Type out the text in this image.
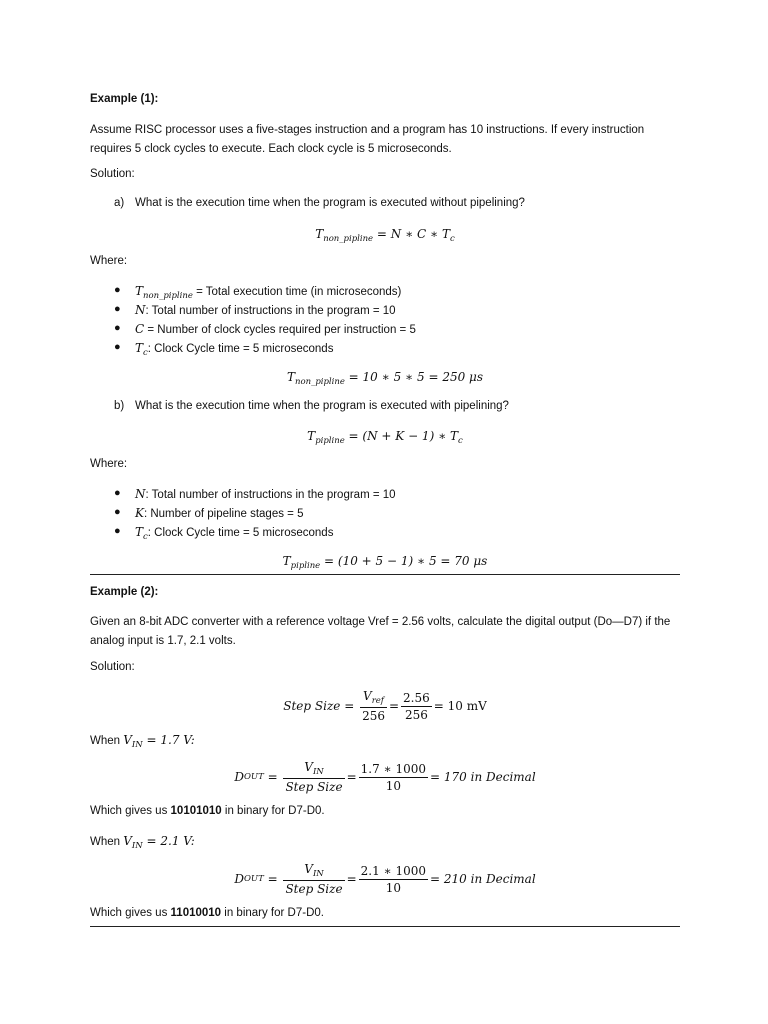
Example (1):
Assume RISC processor uses a five-stages instruction and a program has 10 instructions. If every instruction requires 5 clock cycles to execute. Each clock cycle is 5 microseconds.
Solution:
a) What is the execution time when the program is executed without pipelining?
$T_{non\_pipline} = N$ ∗ C ∗ $T_c$
Where:
● $T_{non\_pipline}$ = Total execution time (in microseconds)
● N: Total number of instructions in the program = 10
● C = Number of clock cycles required per instruction = 5
● $T_c$: Clock Cycle time = 5 microseconds
$T_{non\_pipline} = 10$ ∗ 5 ∗ 5 = 250 μs
b) What is the execution time when the program is executed with pipelining?
$T_{pipline} = (N + K - 1)$ ∗ $T_c$
Where:
● N: Total number of instructions in the program = 10
● K: Number of pipeline stages = 5
● $T_c$: Clock Cycle time = 5 microseconds
$T_{pipline} = (10 + 5 - 1)$ ∗ 5 = 70 μs
Example (2):
Given an 8-bit ADC converter with a reference voltage Vref = 2.56 volts, calculate the digital output (Do—D7) if the analog input is 1.7, 2.1 volts.
Solution:
Step Size = $\frac{V_{ref}}{256} = \frac{2.56}{256} = 10$ mV
When $V_{IN} = 1.7$ V:
D OUT = $\frac{V_{IN}}{\text{Step Size}} = \frac{1.7 ∗ 1000}{10} = 170$ in Decimal
Which gives us 10101010 in binary for D7-D0.
When $V_{IN} = 2.1$ V:
D OUT = $\frac{V_{IN}}{\text{Step Size}} = \frac{2.1 ∗ 1000}{10} = 210$ in Decimal
Which gives us 11010010 in binary for D7-D0.
